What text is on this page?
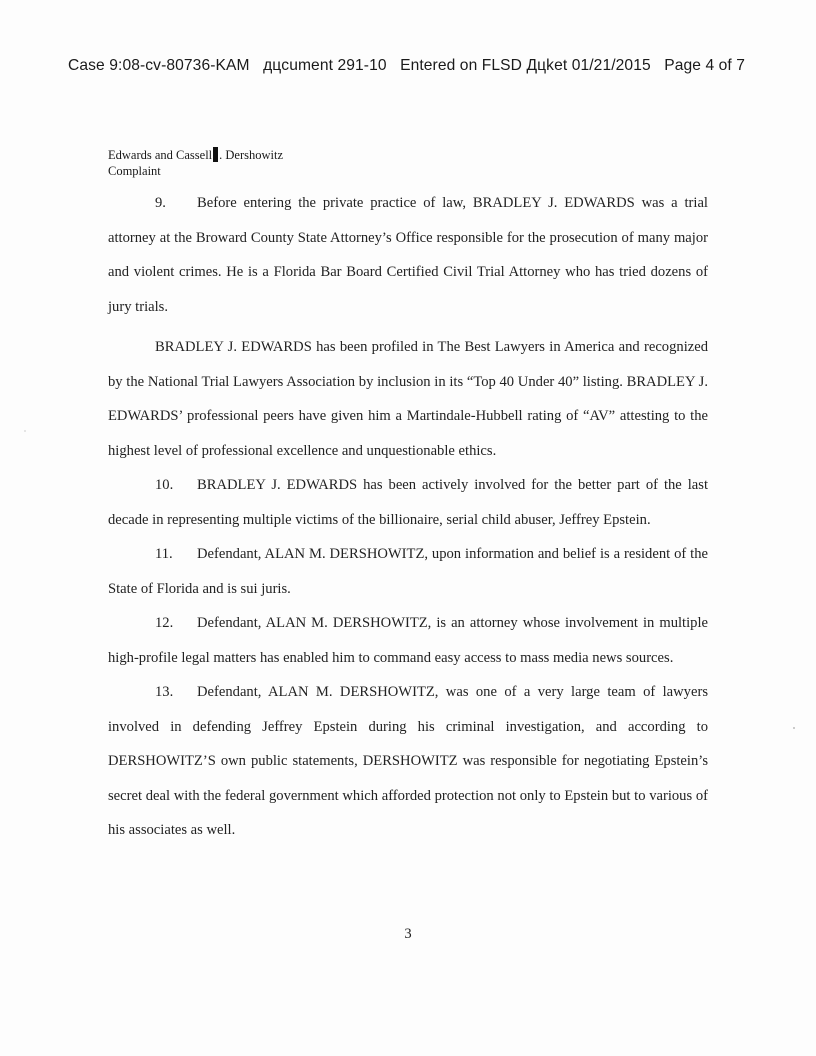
Case 9:08-cv-80736-KAM дцcument 291-10 Entered on FLSD Дцket 01/21/2015 Page 4 of 7
Edwards and Cassell . Dershowitz
Complaint

9. Before entering the private practice of law, BRADLEY J. EDWARDS was a trial attorney at the Broward County State Attorney’s Office responsible for the prosecution of many major and violent crimes. He is a Florida Bar Board Certified Civil Trial Attorney who has tried dozens of jury trials.

BRADLEY J. EDWARDS has been profiled in The Best Lawyers in America and recognized by the National Trial Lawyers Association by inclusion in its “Top 40 Under 40” listing. BRADLEY J. EDWARDS’ professional peers have given him a Martindale-Hubbell rating of “AV” attesting to the highest level of professional excellence and unquestionable ethics.

10. BRADLEY J. EDWARDS has been actively involved for the better part of the last decade in representing multiple victims of the billionaire, serial child abuser, Jeffrey Epstein.

11. Defendant, ALAN M. DERSHOWITZ, upon information and belief is a resident of the State of Florida and is sui juris.

12. Defendant, ALAN M. DERSHOWITZ, is an attorney whose involvement in multiple high-profile legal matters has enabled him to command easy access to mass media news sources.

13. Defendant, ALAN M. DERSHOWITZ, was one of a very large team of lawyers involved in defending Jeffrey Epstein during his criminal investigation, and according to DERSHOWITZ’S own public statements, DERSHOWITZ was responsible for negotiating Epstein’s secret deal with the federal government which afforded protection not only to Epstein but to various of his associates as well.

3
